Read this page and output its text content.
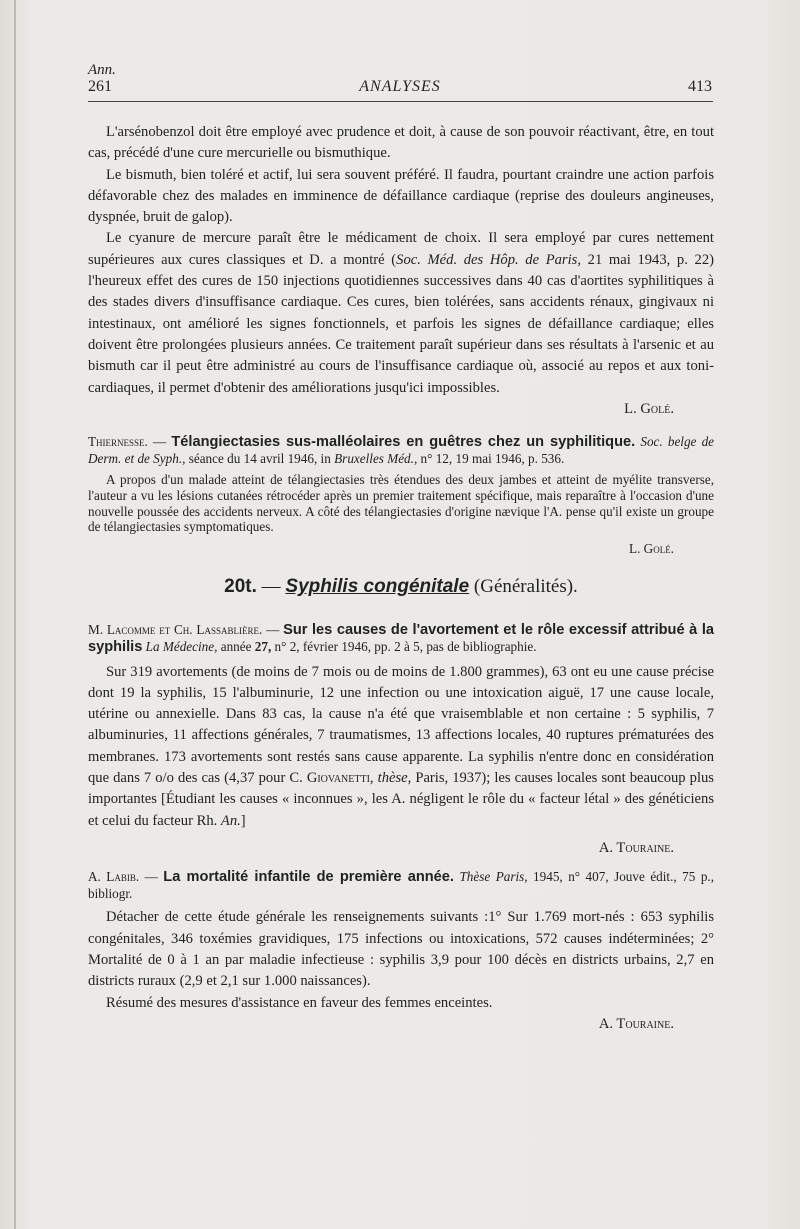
Ann.
261	ANALYSES	413

L'arsénobenzol doit être employé avec prudence et doit, à cause de son pouvoir réactivant, être, en tout cas, précédé d'une cure mercurielle ou bismuthique.

Le bismuth, bien toléré et actif, lui sera souvent préféré. Il faudra, pourtant craindre une action parfois défavorable chez des malades en imminence de défaillance cardiaque (reprise des douleurs angineuses, dyspnée, bruit de galop).

Le cyanure de mercure paraît être le médicament de choix. Il sera employé par cures nettement supérieures aux cures classiques et D. a montré (Soc. Méd. des Hôp. de Paris, 21 mai 1943, p. 22) l'heureux effet des cures de 150 injections quotidiennes successives dans 40 cas d'aortites syphilitiques à des stades divers d'insuffisance cardiaque. Ces cures, bien tolérées, sans accidents rénaux, gingivaux ni intestinaux, ont amélioré les signes fonctionnels, et parfois les signes de défaillance cardiaque; elles doivent être prolongées plusieurs années. Ce traitement paraît supérieur dans ses résultats à l'arsenic et au bismuth car il peut être administré au cours de l'insuffisance cardiaque où, associé au repos et aux toni-cardiaques, il permet d'obtenir des améliorations jusqu'ici impossibles.

L. Golé.

Thiernesse. — Télangiectasies sus-malléolaires en guêtres chez un syphilitique. Soc. belge de Derm. et de Syph., séance du 14 avril 1946, in Bruxelles Méd., n° 12, 19 mai 1946, p. 536.

A propos d'un malade atteint de télangiectasies très étendues des deux jambes et atteint de myélite transverse, l'auteur a vu les lésions cutanées rétrocéder après un premier traitement spécifique, mais reparaître à l'occasion d'une nouvelle poussée des accidents nerveux. A côté des télangiectasies d'origine nævique l'A. pense qu'il existe un groupe de télangiectasies symptomatiques.

L. Golé.

20t. — Syphilis congénitale (Généralités).

M. Lacomme et Ch. Lassablière. — Sur les causes de l'avortement et le rôle excessif attribué à la syphilis La Médecine, année 27, n° 2, février 1946, pp. 2 à 5, pas de bibliographie.

Sur 319 avortements (de moins de 7 mois ou de moins de 1.800 grammes), 63 ont eu une cause précise dont 19 la syphilis, 15 l'albuminurie, 12 une infection ou une intoxication aiguë, 17 une cause locale, utérine ou annexielle. Dans 83 cas, la cause n'a été que vraisemblable et non certaine : 5 syphilis, 7 albuminuries, 11 affections générales, 7 traumatismes, 13 affections locales, 40 ruptures prématurées des membranes. 173 avortements sont restés sans cause apparente. La syphilis n'entre donc en considération que dans 7 o/o des cas (4,37 pour C. Giovanetti, thèse, Paris, 1937); les causes locales sont beaucoup plus importantes [Étudiant les causes « inconnues », les A. négligent le rôle du « facteur létal » des généticiens et celui du facteur Rh. An.]

A. Touraine.

A. Labib. — La mortalité infantile de première année. Thèse Paris, 1945, n° 407, Jouve édit., 75 p., bibliogr.

Détacher de cette étude générale les renseignements suivants :1° Sur 1.769 mort-nés : 653 syphilis congénitales, 346 toxémies gravidiques, 175 infections ou intoxications, 572 causes indéterminées; 2° Mortalité de 0 à 1 an par maladie infectieuse : syphilis 3,9 pour 100 décès en districts urbains, 2,7 en districts ruraux (2,9 et 2,1 sur 1.000 naissances).

Résumé des mesures d'assistance en faveur des femmes enceintes.

A. Touraine.
